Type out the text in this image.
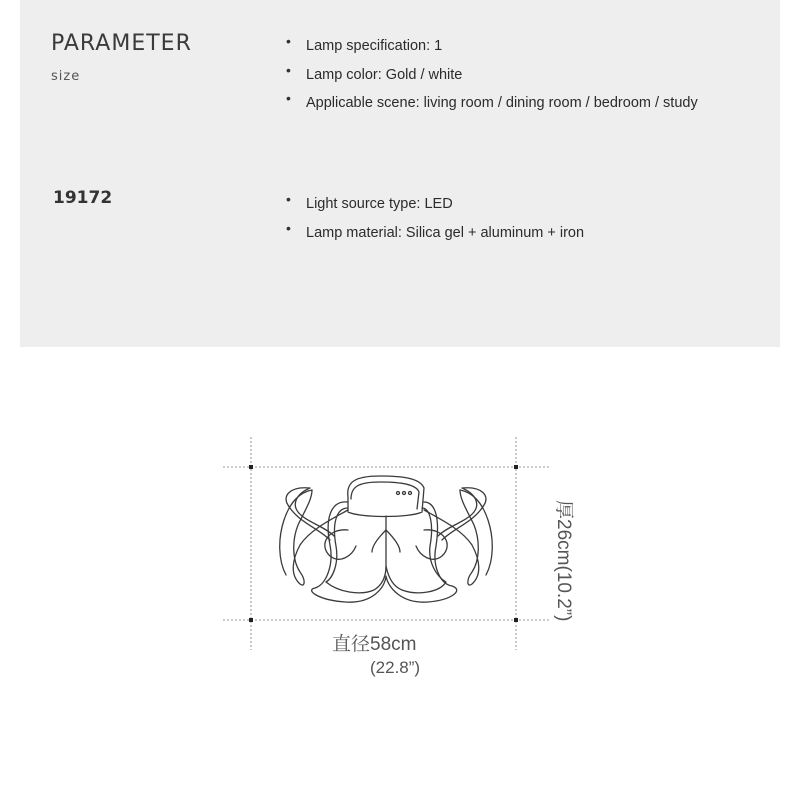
PARAMETER
size
19172
• Lamp specification: 1
• Lamp color: Gold / white
• Applicable scene: living room / dining room / bedroom / study
• Light source type: LED
• Lamp material: Silica gel + aluminum + iron
直径58cm
(22.8”)
厚26cm(10.2”)
